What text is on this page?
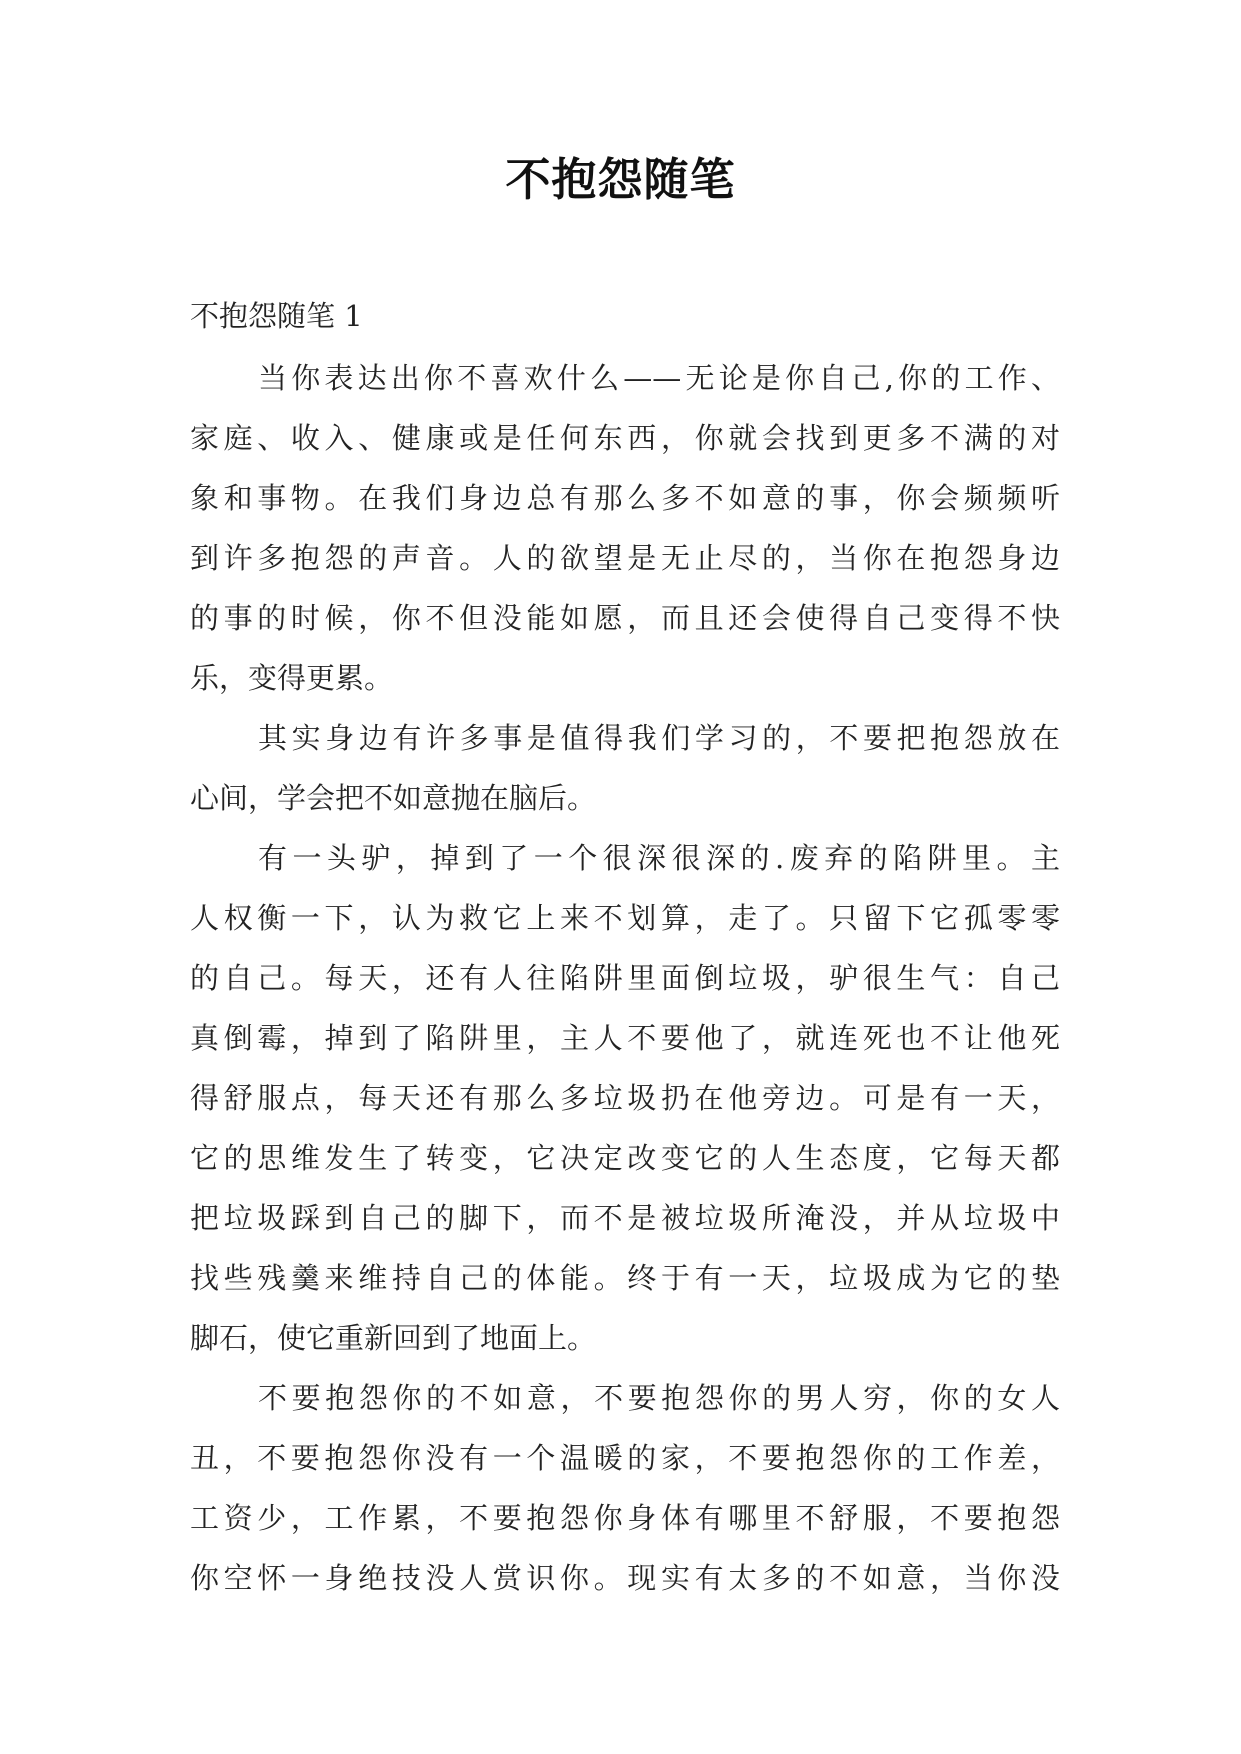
不抱怨随笔
不抱怨随笔 1
当你表达出你不喜欢什么——无论是你自己,你的工作、
家庭、收入、健康或是任何东西，你就会找到更多不满的对
象和事物。在我们身边总有那么多不如意的事，你会频频听
到许多抱怨的声音。人的欲望是无止尽的，当你在抱怨身边
的事的时候，你不但没能如愿，而且还会使得自己变得不快
乐，变得更累。
其实身边有许多事是值得我们学习的，不要把抱怨放在
心间，学会把不如意抛在脑后。
有一头驴，掉到了一个很深很深的.废弃的陷阱里。主
人权衡一下，认为救它上来不划算，走了。只留下它孤零零
的自己。每天，还有人往陷阱里面倒垃圾，驴很生气：自己
真倒霉，掉到了陷阱里，主人不要他了，就连死也不让他死
得舒服点，每天还有那么多垃圾扔在他旁边。可是有一天，
它的思维发生了转变，它决定改变它的人生态度，它每天都
把垃圾踩到自己的脚下，而不是被垃圾所淹没，并从垃圾中
找些残羹来维持自己的体能。终于有一天，垃圾成为它的垫
脚石，使它重新回到了地面上。
不要抱怨你的不如意，不要抱怨你的男人穷，你的女人
丑，不要抱怨你没有一个温暖的家，不要抱怨你的工作差，
工资少，工作累，不要抱怨你身体有哪里不舒服，不要抱怨
你空怀一身绝技没人赏识你。现实有太多的不如意，当你没
